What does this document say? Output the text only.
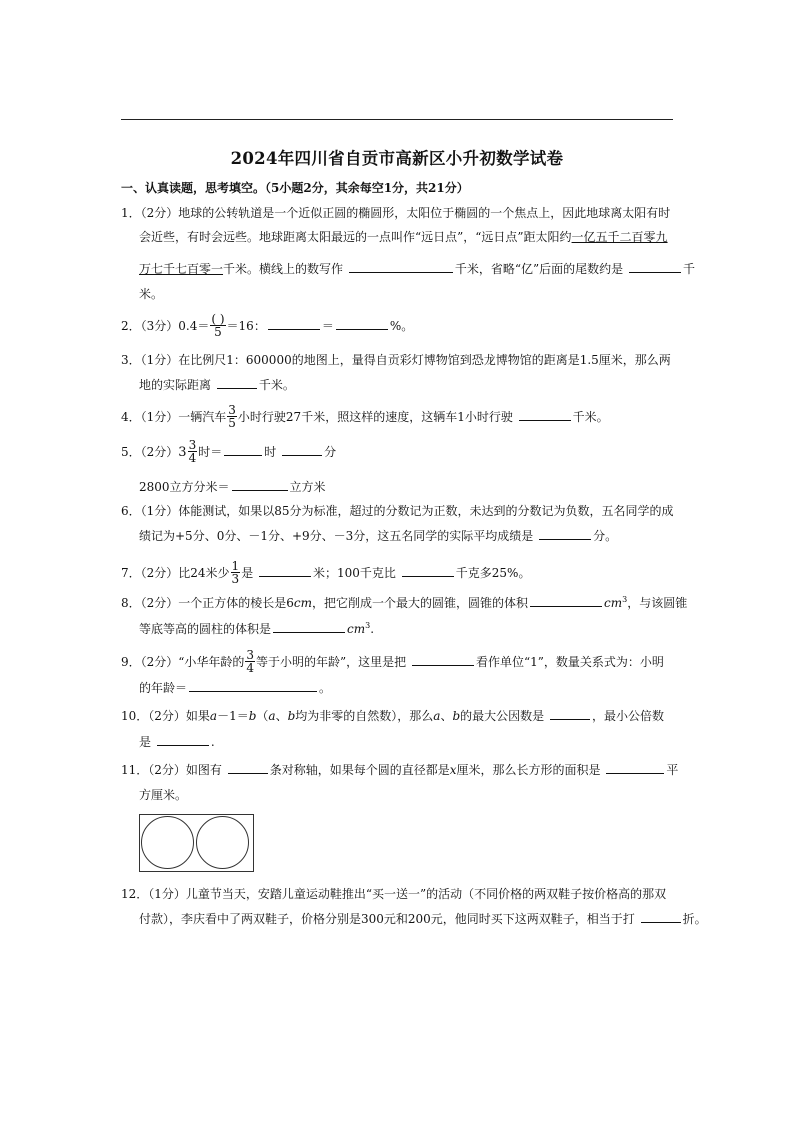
2024年四川省自贡市高新区小升初数学试卷
一、认真读题，思考填空。（5小题2分，其余每空1分，共21分）
1．（2分）地球的公转轨道是一个近似正圆的椭圆形，太阳位于椭圆的一个焦点上，因此地球离太阳有时
会近些，有时会远些。地球距离太阳最远的一点叫作“远日点”，“远日点”距太阳约一亿五千二百零九
万七千七百零一千米。横线上的数写作	千米，省略“亿”后面的尾数约是	千
米。
2．（3分）$0.4= \frac{( )}{5} =16$：	＝	%。
3．（1分）在比例尺1：600000的地图上，量得自贡彩灯博物馆到恐龙博物馆的距离是1.5厘米，那么两
地的实际距离	千米。
4．（1分）一辆汽车 $\frac{3}{5}$ 小时行驶27千米，照这样的速度，这辆车1小时行驶	千米。
5．（2分）$3 \frac{3}{4}$ 时＝	时	分
2800立方分米＝	立方米
6．（1分）体能测试，如果以85分为标准，超过的分数记为正数，未达到的分数记为负数，五名同学的成
绩记为+5分、0分、－1分、+9分、－3分，这五名同学的实际平均成绩是	分。
7．（2分）比24米少 $\frac{1}{3}$ 是	米；100千克比	千克多25%。
8．（2分）一个正方体的棱长是6cm，把它削成一个最大的圆锥，圆锥的体积	$cm^3$，与该圆锥
等底等高的圆柱的体积是	$cm^3$.
9．（2分）“小华年龄的 $\frac{3}{4}$ 等于小明的年龄”，这里是把	看作单位“1”，数量关系式为：小明
的年龄＝	。
10．（2分）如果a－1＝b（a、b均为非零的自然数），那么a、b的最大公因数是	，最小公倍数
是	.
11．（2分）如图有	条对称轴，如果每个圆的直径都是x厘米，那么长方形的面积是	平
方厘米。
12．（1分）儿童节当天，安踏儿童运动鞋推出“买一送一”的活动（不同价格的两双鞋子按价格高的那双
付款），李庆看中了两双鞋子，价格分别是300元和200元，他同时买下这两双鞋子，相当于打	折。
